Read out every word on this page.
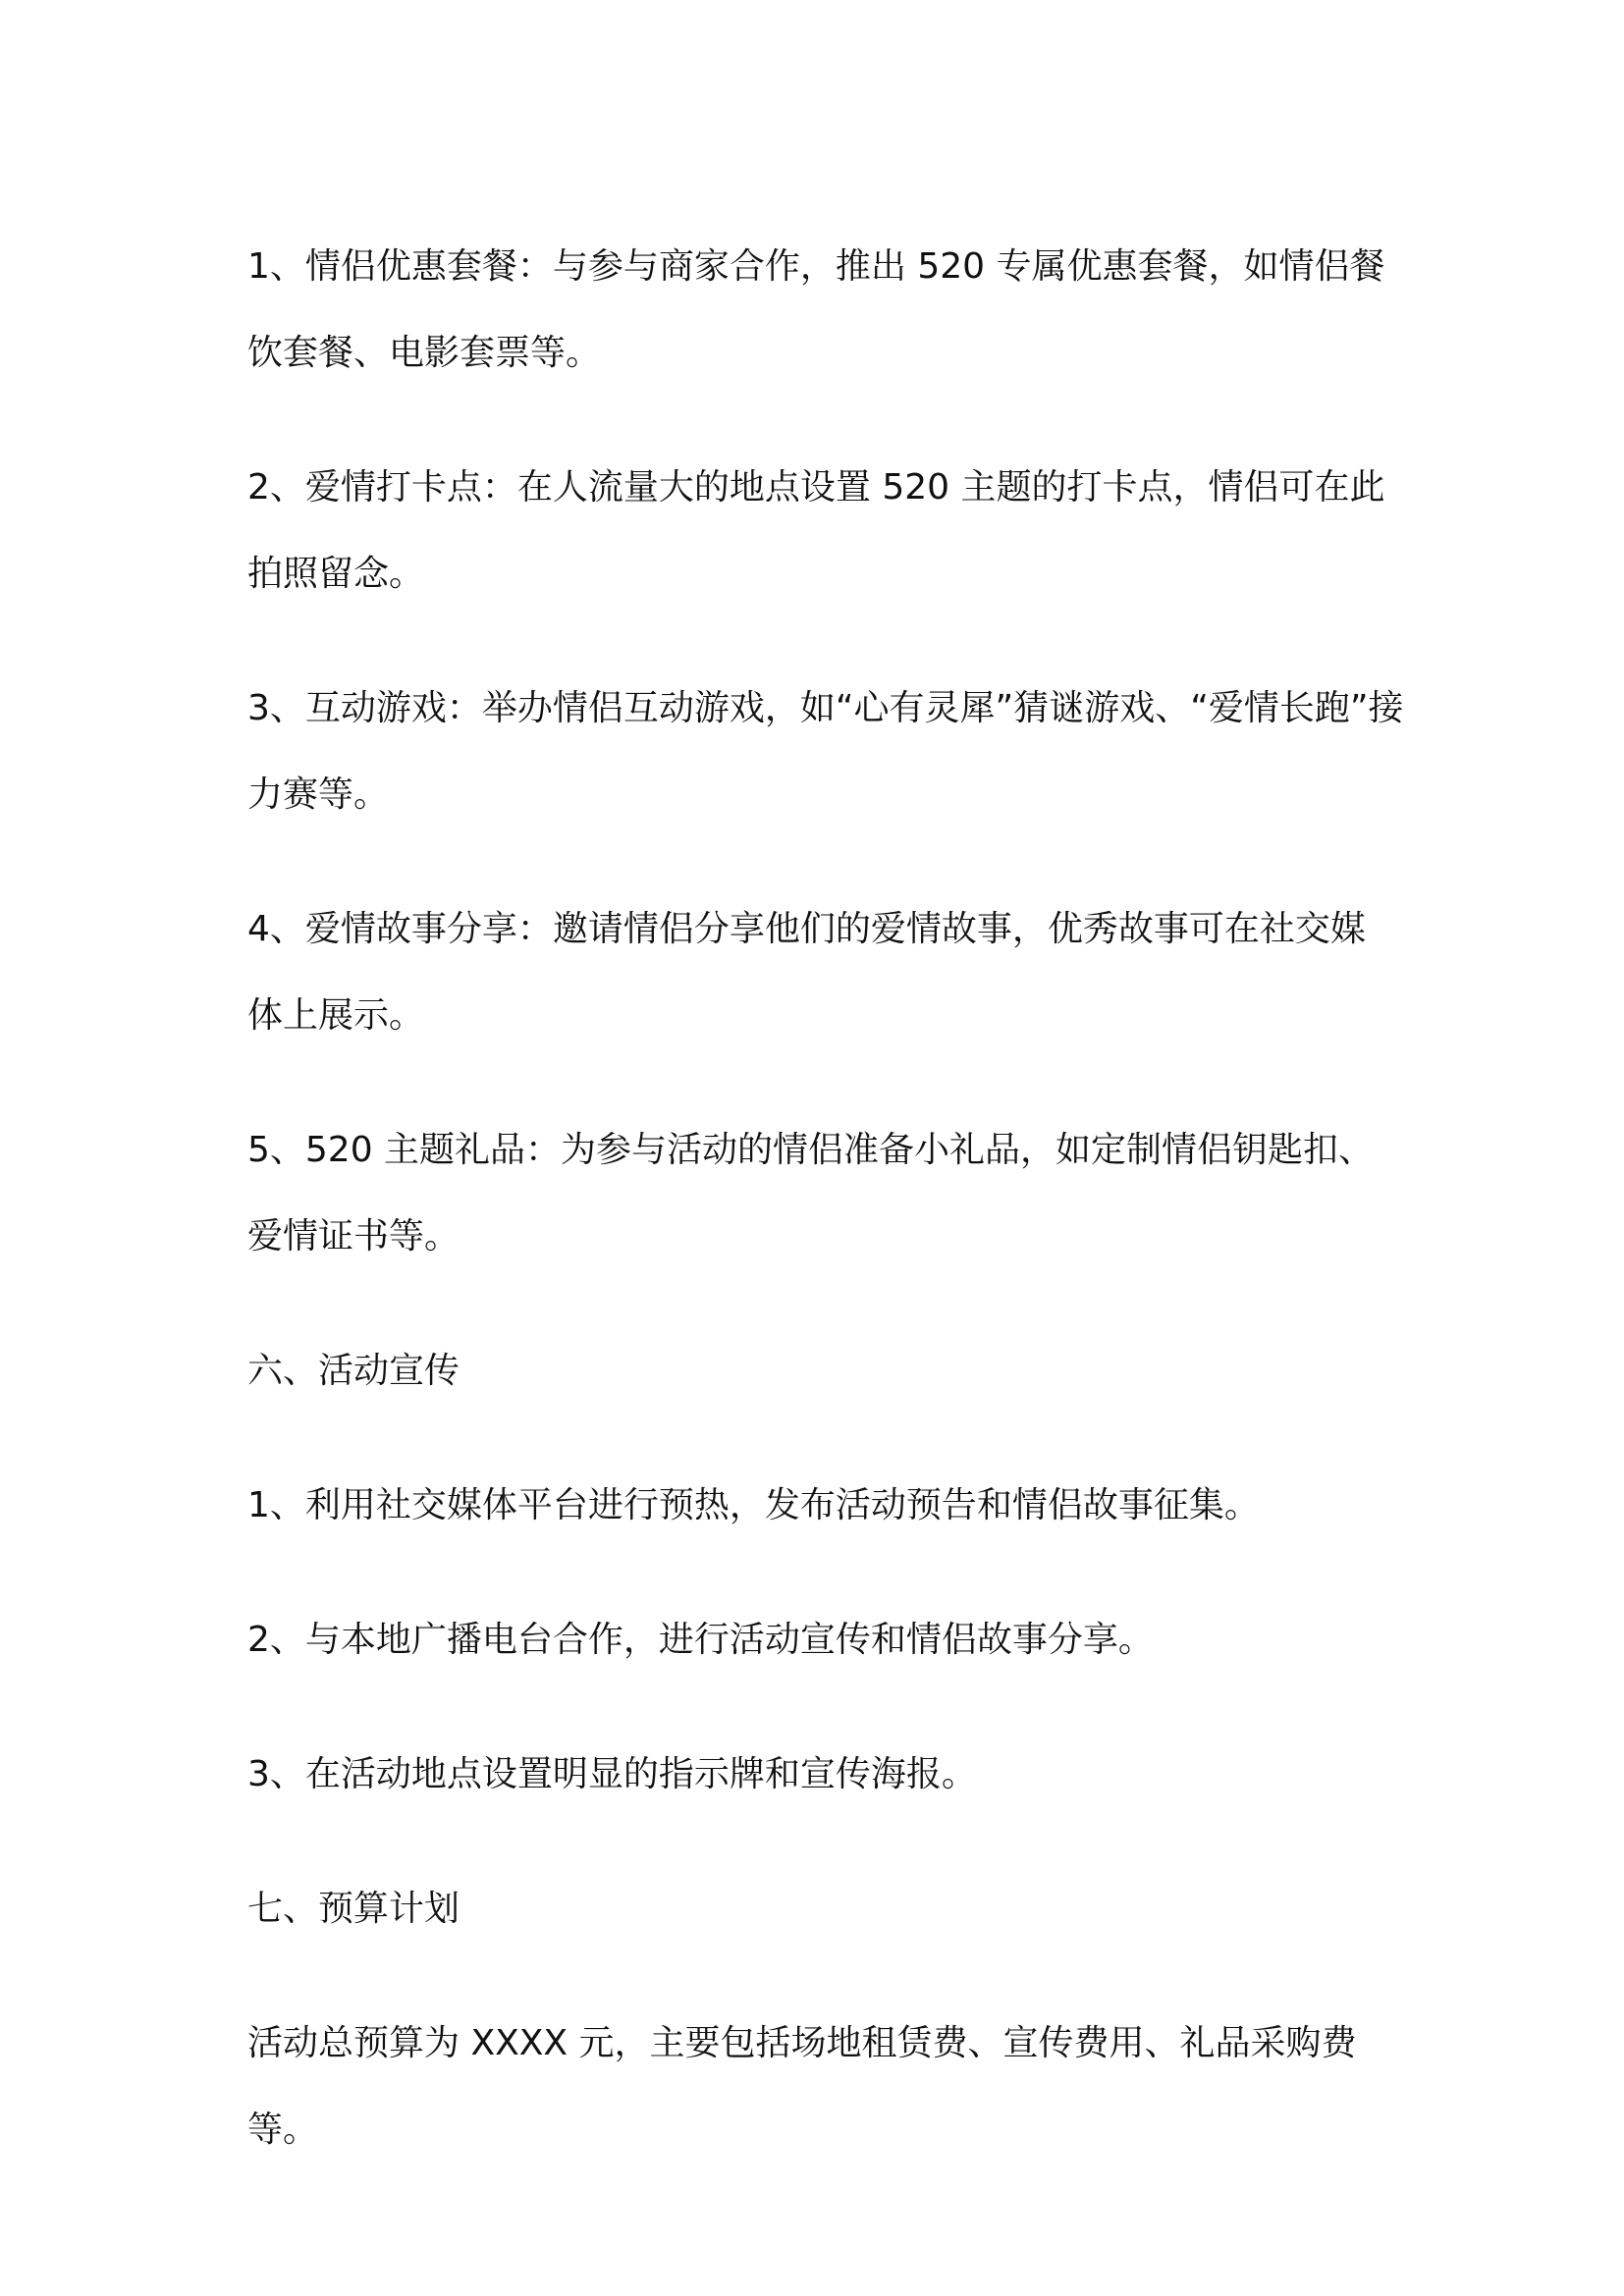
1、情侣优惠套餐：与参与商家合作，推出 520 专属优惠套餐，如情侣餐
饮套餐、电影套票等。
2、爱情打卡点：在人流量大的地点设置 520 主题的打卡点，情侣可在此
拍照留念。
3、互动游戏：举办情侣互动游戏，如“心有灵犀”猜谜游戏、“爱情长跑”接
力赛等。
4、爱情故事分享：邀请情侣分享他们的爱情故事，优秀故事可在社交媒
体上展示。
5、520 主题礼品：为参与活动的情侣准备小礼品，如定制情侣钥匙扣、
爱情证书等。
六、活动宣传
1、利用社交媒体平台进行预热，发布活动预告和情侣故事征集。
2、与本地广播电台合作，进行活动宣传和情侣故事分享。
3、在活动地点设置明显的指示牌和宣传海报。
七、预算计划
活动总预算为 XXXX 元，主要包括场地租赁费、宣传费用、礼品采购费等。
